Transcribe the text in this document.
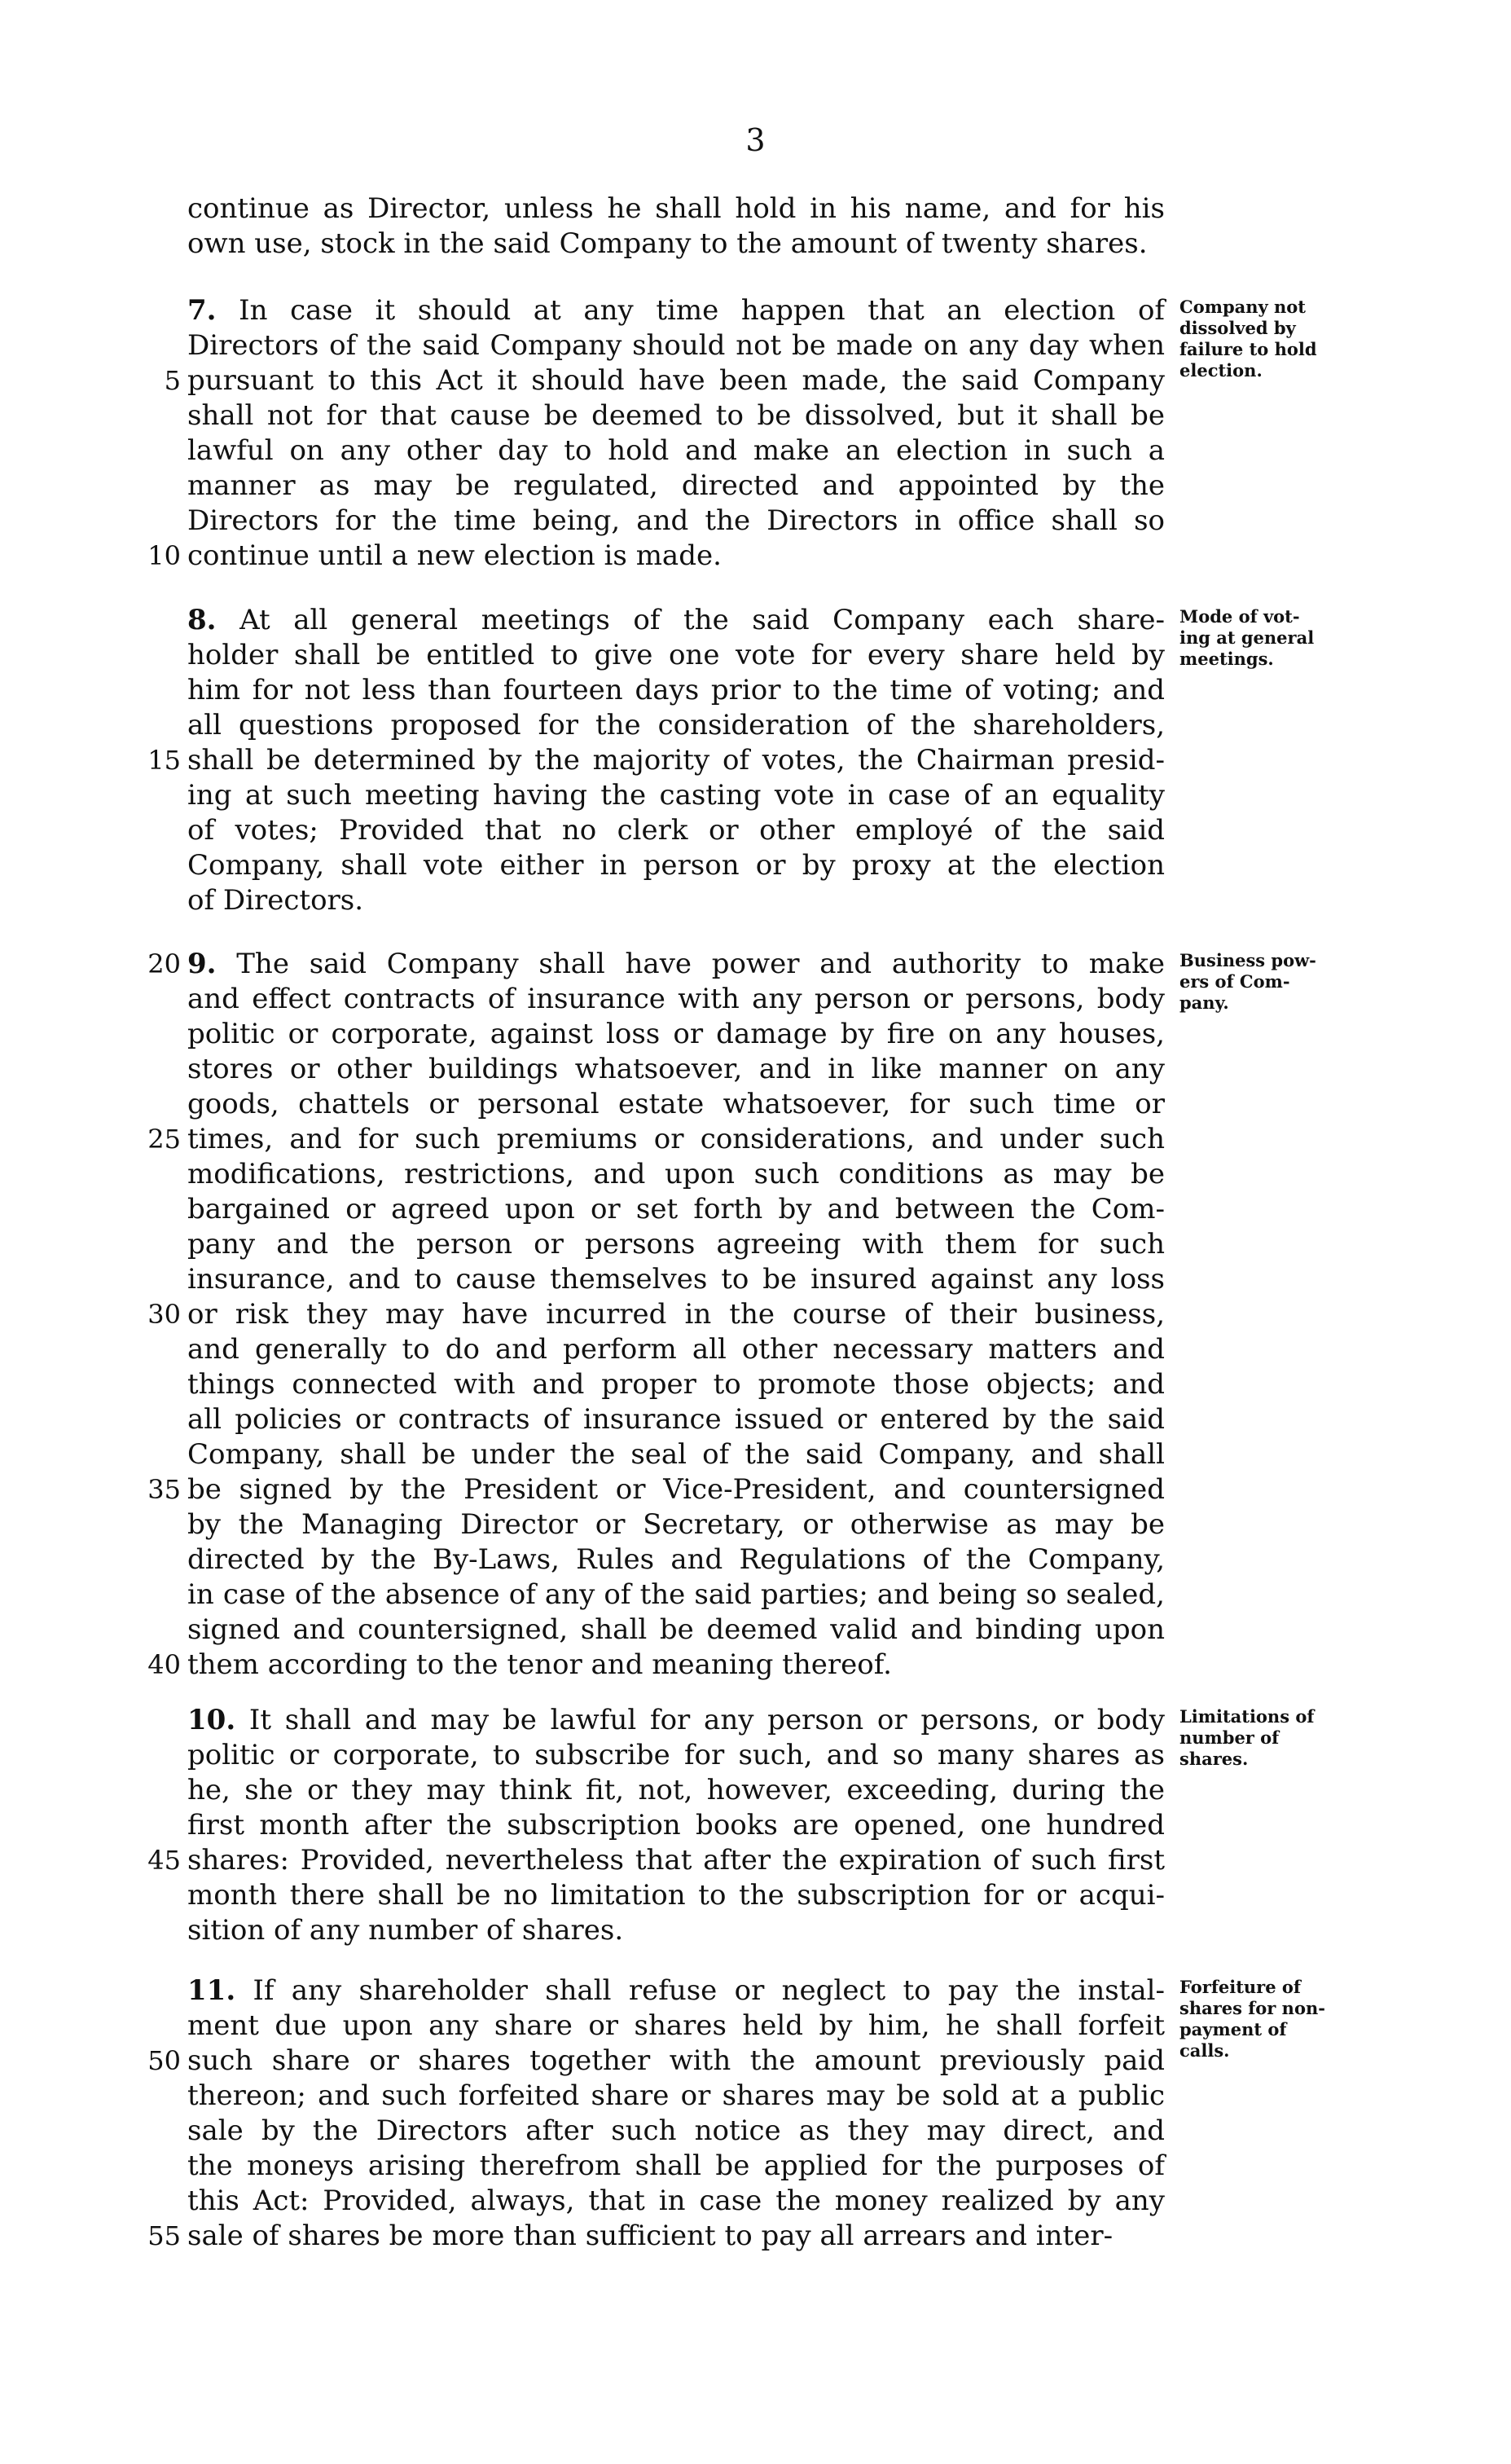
3
continue as Director, unless he shall hold in his name, and for his
own use, stock in the said Company to the amount of twenty shares.
7. In case it should at any time happen that an election of
Directors of the said Company should not be made on any day when
pursuant to this Act it should have been made, the said Company
5
shall not for that cause be deemed to be dissolved, but it shall be
lawful on any other day to hold and make an election in such a
manner as may be regulated, directed and appointed by the
Directors for the time being, and the Directors in office shall so
continue until a new election is made.
10
Company not
dissolved by
failure to hold
election.
8. At all general meetings of the said Company each share-
holder shall be entitled to give one vote for every share held by
him for not less than fourteen days prior to the time of voting; and
all questions proposed for the consideration of the shareholders,
shall be determined by the majority of votes, the Chairman presid-
15
ing at such meeting having the casting vote in case of an equality
of votes; Provided that no clerk or other employé of the said
Company, shall vote either in person or by proxy at the election
of Directors.
Mode of vot-
ing at general
meetings.
9. The said Company shall have power and authority to make
20
and effect contracts of insurance with any person or persons, body
politic or corporate, against loss or damage by fire on any houses,
stores or other buildings whatsoever, and in like manner on any
goods, chattels or personal estate whatsoever, for such time or
times, and for such premiums or considerations, and under such
25
modifications, restrictions, and upon such conditions as may be
bargained or agreed upon or set forth by and between the Com-
pany and the person or persons agreeing with them for such
insurance, and to cause themselves to be insured against any loss
or risk they may have incurred in the course of their business,
30
and generally to do and perform all other necessary matters and
things connected with and proper to promote those objects; and
all policies or contracts of insurance issued or entered by the said
Company, shall be under the seal of the said Company, and shall
be signed by the President or Vice-President, and countersigned
35
by the Managing Director or Secretary, or otherwise as may be
directed by the By-Laws, Rules and Regulations of the Company,
in case of the absence of any of the said parties; and being so sealed,
signed and countersigned, shall be deemed valid and binding upon
them according to the tenor and meaning thereof.
40
Business pow-
ers of Com-
pany.
10. It shall and may be lawful for any person or persons, or body
politic or corporate, to subscribe for such, and so many shares as
he, she or they may think fit, not, however, exceeding, during the
first month after the subscription books are opened, one hundred
shares: Provided, nevertheless that after the expiration of such first
45
month there shall be no limitation to the subscription for or acqui-
sition of any number of shares.
Limitations of
number of
shares.
11. If any shareholder shall refuse or neglect to pay the instal-
ment due upon any share or shares held by him, he shall forfeit
such share or shares together with the amount previously paid
50
thereon; and such forfeited share or shares may be sold at a public
sale by the Directors after such notice as they may direct, and
the moneys arising therefrom shall be applied for the purposes of
this Act: Provided, always, that in case the money realized by any
sale of shares be more than sufficient to pay all arrears and inter-
55
Forfeiture of
shares for non-
payment of
calls.
